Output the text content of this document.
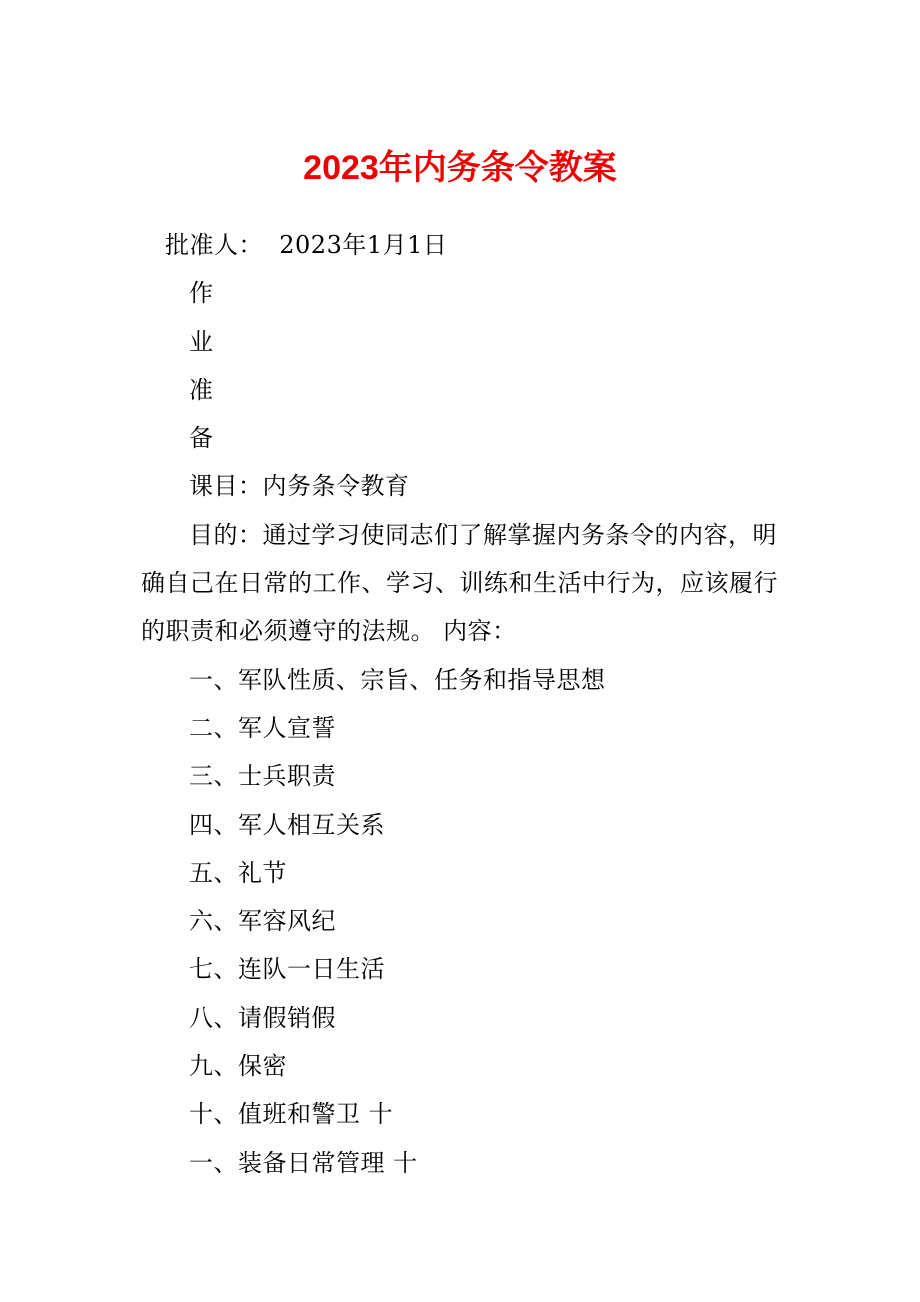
2023年内务条令教案
批准人： 2023年1月1日
作
业
准
备
课目：内务条令教育
目的：通过学习使同志们了解掌握内务条令的内容，明
确自己在日常的工作、学习、训练和生活中行为，应该履行
的职责和必须遵守的法规。 内容：
一、军队性质、宗旨、任务和指导思想
二、军人宣誓
三、士兵职责
四、军人相互关系
五、礼节
六、军容风纪
七、连队一日生活
八、请假销假
九、保密
十、值班和警卫 十
一、装备日常管理 十
